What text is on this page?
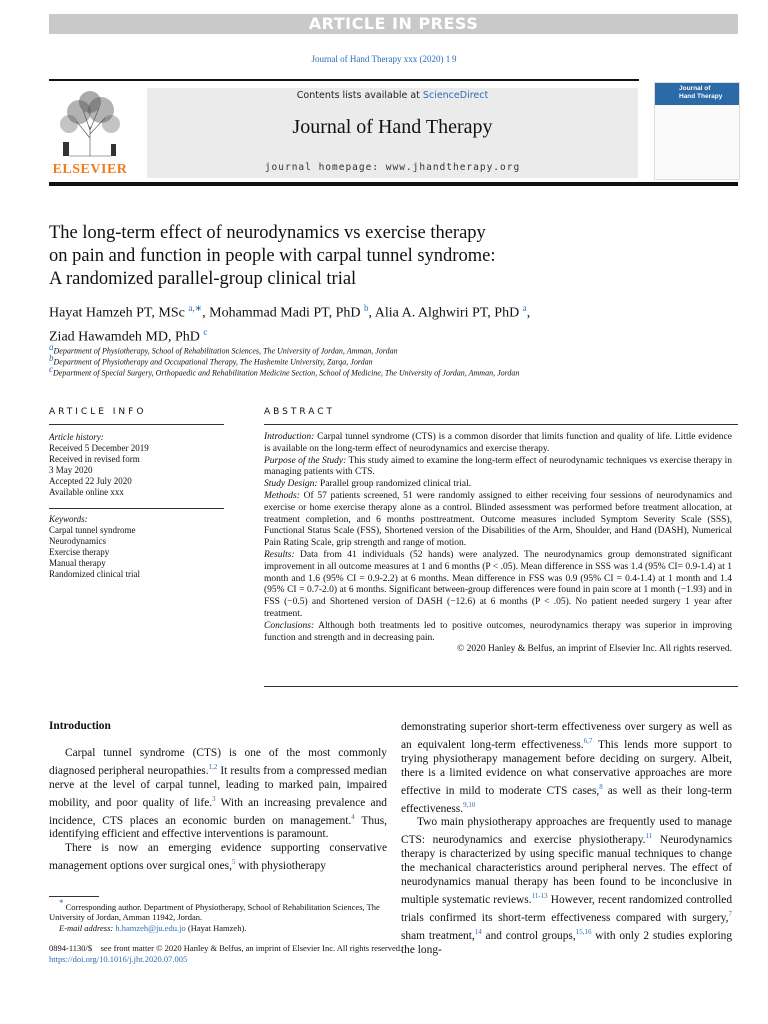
ARTICLE IN PRESS
Journal of Hand Therapy xxx (2020) 1 9
ELSEVIER
Contents lists available at ScienceDirect
Journal of Hand Therapy
journal homepage: www.jhandtherapy.org
Journal of
Hand Therapy
The long-term effect of neurodynamics vs exercise therapy
on pain and function in people with carpal tunnel syndrome:
A randomized parallel-group clinical trial
Hayat Hamzeh PT, MSc $^{a,∗}$, Mohammad Madi PT, PhD $^b$, Alia A. Alghwiri PT, PhD $^a$,
Ziad Hawamdeh MD, PhD $^c$
$^a$Department of Physiotherapy, School of Rehabilitation Sciences, The University of Jordan, Amman, Jordan
$^b$Department of Physiotherapy and Occupational Therapy, The Hashemite University, Zarqa, Jordan
$^c$Department of Special Surgery, Orthopaedic and Rehabilitation Medicine Section, School of Medicine, The University of Jordan, Amman, Jordan
ARTICLE INFO	ABSTRACT
Article history:
Received 5 December 2019
Received in revised form
3 May 2020
Accepted 22 July 2020
Available online xxx
Keywords:
Carpal tunnel syndrome
Neurodynamics
Exercise therapy
Manual therapy
Randomized clinical trial

Introduction: Carpal tunnel syndrome (CTS) is a common disorder that limits function and quality of life. Little evidence is available on the long-term effect of neurodynamics and exercise therapy.

Purpose of the Study: This study aimed to examine the long-term effect of neurodynamic techniques vs exercise therapy in managing patients with CTS.

Study Design: Parallel group randomized clinical trial.

Methods: Of 57 patients screened, 51 were randomly assigned to either receiving four sessions of neurodynamics and exercise or home exercise therapy alone as a control. Blinded assessment was performed before treatment allocation, at treatment completion, and 6 months posttreatment. Outcome measures included Symptom Severity Scale (SSS), Functional Status Scale (FSS), Shortened version of the Disabilities of the Arm, Shoulder, and Hand (DASH), Numerical Pain Rating Scale, grip strength and range of motion.

Results: Data from 41 individuals (52 hands) were analyzed. The neurodynamics group demonstrated significant improvement in all outcome measures at 1 and 6 months (P < .05). Mean difference in SSS was 1.4 (95% CI= 0.9-1.4) at 1 month and 1.6 (95% CI = 0.9-2.2) at 6 months. Mean difference in FSS was 0.9 (95% CI = 0.4-1.4) at 1 month and 1.4 (95% CI = 0.7-2.0) at 6 months. Significant between-group differences were found in pain score at 1 month (−1.93) and in FSS (−0.5) and Shortened version of DASH (−12.6) at 6 months (P < .05). No patient needed surgery 1 year after treatment.

Conclusions: Although both treatments led to positive outcomes, neurodynamics therapy was superior in improving function and strength and in decreasing pain.

© 2020 Hanley & Belfus, an imprint of Elsevier Inc. All rights reserved.

Introduction

Carpal tunnel syndrome (CTS) is one of the most commonly diagnosed peripheral neuropathies.$^{1,2}$ It results from a compressed median nerve at the level of carpal tunnel, leading to marked pain, impaired mobility, and poor quality of life.$^3$ With an increasing prevalence and incidence, CTS places an economic burden on management.$^4$ Thus, identifying efficient and effective interventions is paramount.

There is now an emerging evidence supporting conservative management options over surgical ones,$^5$ with physiotherapy

demonstrating superior short-term effectiveness over surgery as well as an equivalent long-term effectiveness.$^{6,7}$ This lends more support to trying physiotherapy management before deciding on surgery. Albeit, there is a limited evidence on what conservative approaches are more effective in mild to moderate CTS cases,$^8$ as well as their long-term effectiveness.$^{9,10}$

Two main physiotherapy approaches are frequently used to manage CTS: neurodynamics and exercise physiotherapy.$^{11}$ Neurodynamics therapy is characterized by using specific manual techniques to change the mechanical characteristics around peripheral nerves. The effect of neurodynamics manual therapy has been found to be inconclusive in multiple systematic reviews.$^{11-13}$ However, recent randomized controlled trials confirmed its short-term effectiveness compared with surgery,$^7$ sham treatment,$^{14}$ and control groups,$^{15,16}$ with only 2 studies exploring the long-

* Corresponding author. Department of Physiotherapy, School of Rehabilitation Sciences, The University of Jordan, Amman 11942, Jordan.
E-mail address: h.hamzeh@ju.edu.jo (Hayat Hamzeh).
0894-1130/$ see front matter © 2020 Hanley & Belfus, an imprint of Elsevier Inc. All rights reserved.
https://doi.org/10.1016/j.jht.2020.07.005
